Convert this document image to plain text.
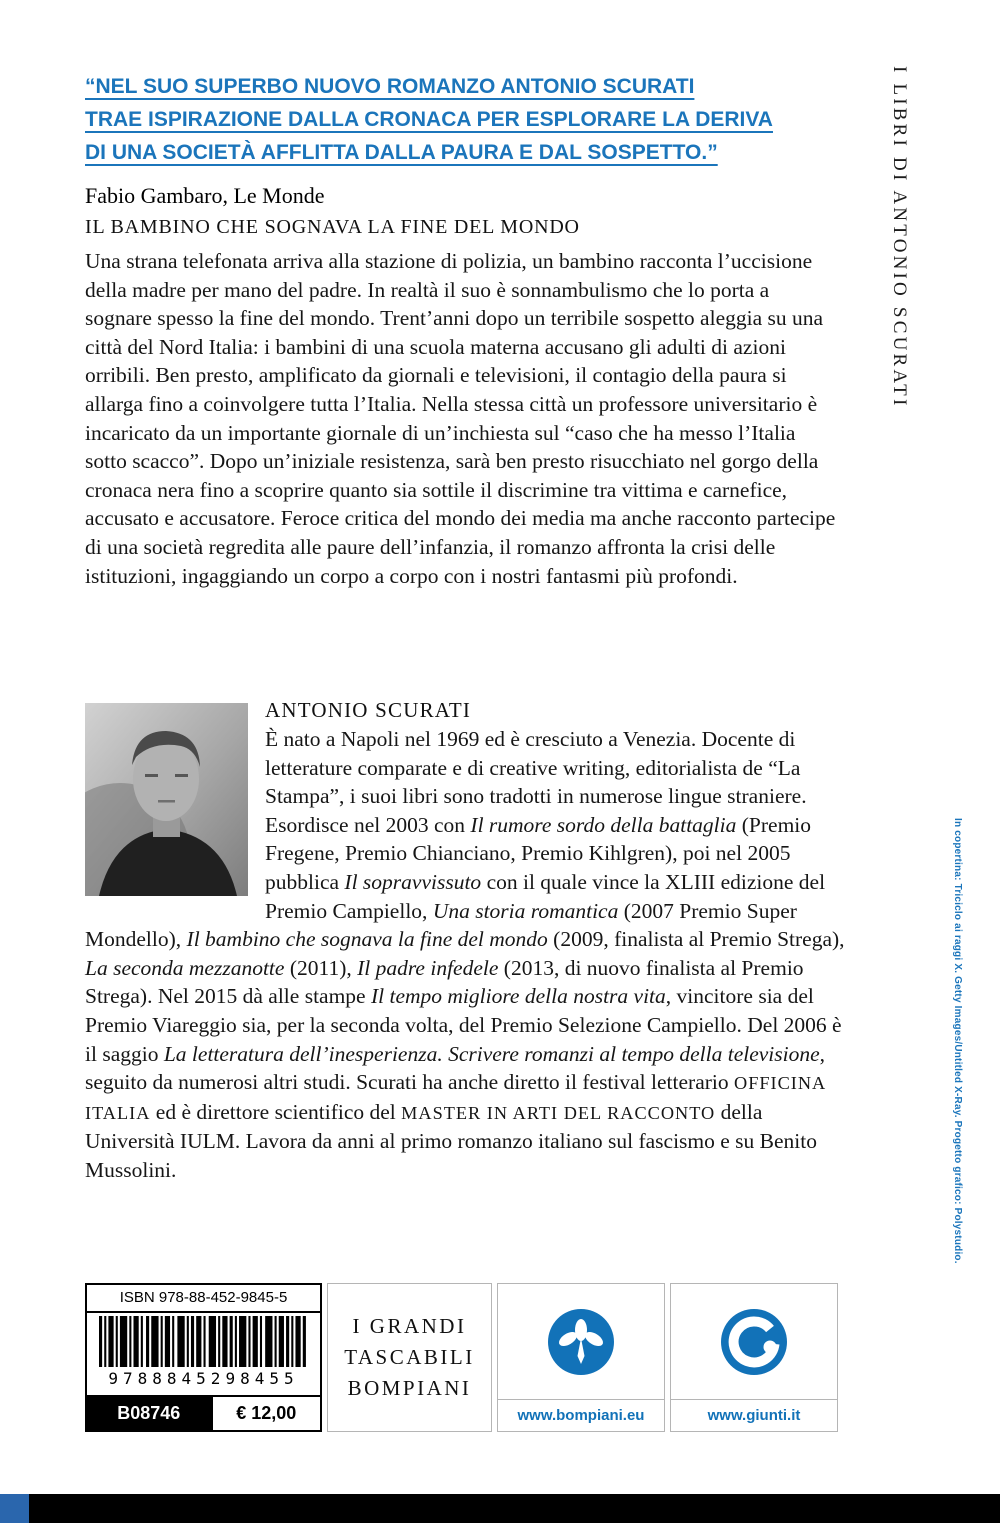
“NEL SUO SUPERBO NUOVO ROMANZO ANTONIO SCURATI
TRAE ISPIRAZIONE DALLA CRONACA PER ESPLORARE LA DERIVA
DI UNA SOCIETÀ AFFLITTA DALLA PAURA E DAL SOSPETTO.”
Fabio Gambaro, Le Monde	I LIBRI DI ANTONIO SCURATI
IL BAMBINO CHE SOGNAVA LA FINE DEL MONDO

Una strana telefonata arriva alla stazione di polizia, un bambino racconta l’uccisione della madre per mano del padre. In realtà il suo è sonnambulismo che lo porta a sognare spesso la fine del mondo. Trent’anni dopo un terribile sospetto aleggia su una città del Nord Italia: i bambini di una scuola materna accusano gli adulti di azioni orribili. Ben presto, amplificato da giornali e televisioni, il contagio della paura si allarga fino a coinvolgere tutta l’Italia. Nella stessa città un professore universitario è incaricato da un importante giornale di un’inchiesta sul “caso che ha messo l’Italia sotto scacco”. Dopo un’iniziale resistenza, sarà ben presto risucchiato nel gorgo della cronaca nera fino a scoprire quanto sia sottile il discrimine tra vittima e carnefice, accusato e accusatore. Feroce critica del mondo dei media ma anche racconto partecipe di una società regredita alle paure dell’infanzia, il romanzo affronta la crisi delle istituzioni, ingaggiando un corpo a corpo con i nostri fantasmi più profondi.

ANTONIO SCURATI

È nato a Napoli nel 1969 ed è cresciuto a Venezia. Docente di letterature comparate e di creative writing, editorialista de “La Stampa”, i suoi libri sono tradotti in numerose lingue straniere. Esordisce nel 2003 con Il rumore sordo della battaglia (Premio Fregene, Premio Chianciano, Premio Kihlgren), poi nel 2005 pubblica Il sopravvissuto con il quale vince la XLIII edizione del Premio Campiello, Una storia romantica (2007 Premio Super Mondello), Il bambino che sognava la fine del mondo (2009, finalista al Premio Strega), La seconda mezzanotte (2011), Il padre infedele (2013, di nuovo finalista al Premio Strega). Nel 2015 dà alle stampe Il tempo migliore della nostra vita, vincitore sia del Premio Viareggio sia, per la seconda volta, del Premio Selezione Campiello. Del 2006 è il saggio La letteratura dell’inesperienza. Scrivere romanzi al tempo della televisione, seguito da numerosi altri studi. Scurati ha anche diretto il festival letterario OFFICINA ITALIA ed è direttore scientifico del MASTER IN ARTI DEL RACCONTO della Università IULM. Lavora da anni al primo romanzo italiano sul fascismo e su Benito Mussolini.	In copertina: Triciclo ai raggi X. Getty Images/Untitled X-Ray. Progetto grafico: Polystudio.
ISBN 978-88-452-9845-5
9788845298455
B08746	€ 12,00
I GRANDI
TASCABILI
BOMPIANI
www.bompiani.eu	www.giunti.it
